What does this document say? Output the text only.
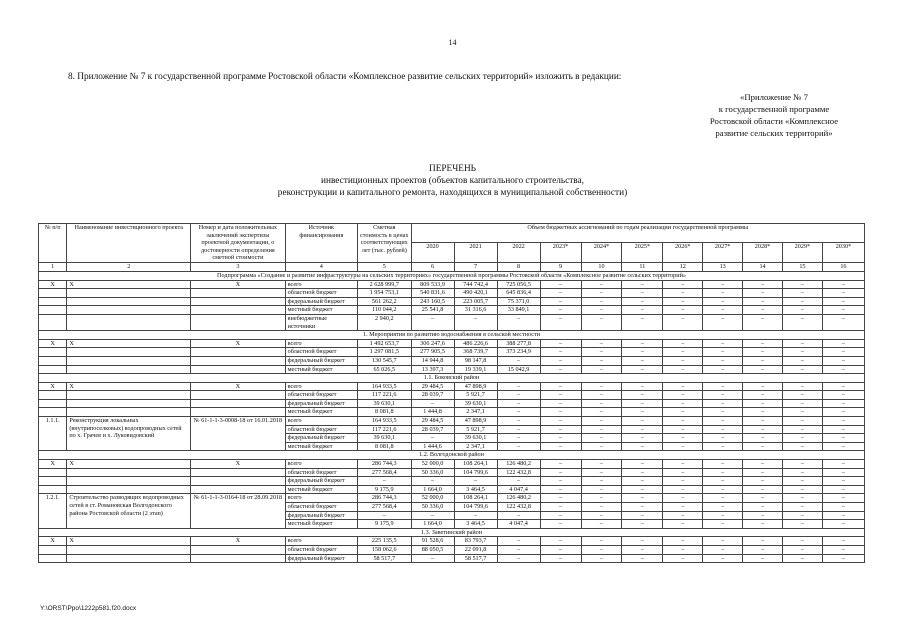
14
8. Приложение № 7 к государственной программе Ростовской области «Комплексное развитие сельских территорий» изложить в редакции:
«Приложение № 7
к государственной программе
Ростовской области «Комплексное
развитие сельских территорий»
ПЕРЕЧЕНЬ
инвестиционных проектов (объектов капитального строительства,
реконструкции и капитального ремонта, находящихся в муниципальной собственности)
№ п/п	Наименование инвестиционного проекта	Номер и дата положительных заключений экспертизы проектной документации, о достоверности определения сметной стоимости	Источник финансирования	Сметная стоимость в ценах соответствующих лет (тыс. рублей)	Объем бюджетных ассигнований по годам реализации государственной программы										
					2020	2021	2022	2023*	2024*	2025*	2026*	2027*	2028*	2029*	2030*
1	2	3	4	5	6	7	8	9	10	11	12	13	14	15	16
Подпрограмма «Создание и развитие инфраструктуры на сельских территориях» государственной программы Ростовской области «Комплексное развитие сельских территорий»															
X	X	X	всего	2 628 999,7	809 533,9	744 742,4	725 056,5	–	–	–	–	–	–	–	–
			областной бюджет	1 954 753,1	540 831,6	490 420,1	645 836,4	–	–	–	–	–	–	–	–
			федеральный бюджет	561 262,2	243 160,5	223 005,7	75 371,0	–	–	–	–	–	–	–	–
			местный бюджет	110 044,2	25 541,8	31 316,6	33 849,1	–	–	–	–	–	–	–	–
			внебюджетные источники	2 940,2	–	–	–	–	–	–	–	–	–	–	–
1. Мероприятия по развитию водоснабжения в сельской местности															
X	X	X	всего	1 492 653,7	306 247,6	486 226,6	388 277,8	–	–	–	–	–	–	–	–
			областной бюджет	1 297 081,5	277 905,5	368 739,7	373 234,9	–	–	–	–	–	–	–	–
			федеральный бюджет	130 545,7	14 944,8	98 147,8	–	–	–	–	–	–	–	–	–
			местный бюджет	65 026,5	13 397,3	19 339,1	15 042,9	–	–	–	–	–	–	–	–
1.1. Боковский район															
X	X	X	всего	164 933,5	29 484,5	47 898,9	–	–	–	–	–	–	–	–	–
			областной бюджет	117 221,6	28 039,7	5 921,7	–	–	–	–	–	–	–	–	–
			федеральный бюджет	39 630,1	–	39 630,1	–	–	–	–	–	–	–	–	–
			местный бюджет	8 081,8	1 444,8	2 347,1	–	–	–	–	–	–	–	–	–
1.1.1.	Реконструкция локальных (внутрипоселковых) водопроводных сетей по х. Грачев и х. Луковидовский	№ 61-1-1-3-0008-18 от 16.01.2018	всего	164 933,5	29 484,5	47 898,9	–	–	–	–	–	–	–	–	–
			областной бюджет	117 221,6	28 039,7	5 921,7	–	–	–	–	–	–	–	–	–
			федеральный бюджет	39 630,1	–	39 630,1	–	–	–	–	–	–	–	–	–
			местный бюджет	8 081,8	1 444,6	2 347,1	–	–	–	–	–	–	–	–	–
1.2. Волгодонской район															
X	X	X	всего	286 744,3	52 000,0	108 264,1	126 480,2	–	–	–	–	–	–	–	–
			областной бюджет	277 568,4	50 336,0	104 799,6	122 432,8	–	–	–	–	–	–	–	–
			федеральный бюджет	–	–	–	–	–	–	–	–	–	–	–	–
			местный бюджет	9 175,9	1 664,0	3 464,5	4 047,4	–	–	–	–	–	–	–	–
1.2.1.	Строительство разводящих водопроводных сетей в ст. Романовская Волгодонского района Ростовской области (2 этап)	№ 61-1-1-3-0164-18 от 28.09.2018	всего	286 744,3	52 000,0	108 264,1	126 480,2	–	–	–	–	–	–	–	–
			областной бюджет	277 568,4	50 336,0	104 799,6	122 432,8	–	–	–	–	–	–	–	–
			федеральный бюджет	–	–	–	–	–	–	–	–	–	–	–	–
			местный бюджет	9 175,9	1 664,0	3 464,5	4 047,4	–	–	–	–	–	–	–	–
1.3. Заветинский район															
X	X	X	всего	225 135,5	91 528,6	83 793,7	–	–	–	–	–	–	–	–	–
			областной бюджет	158 062,6	88 050,5	22 091,8	–	–	–	–	–	–	–	–	–
			федеральный бюджет	58 517,7	–	58 517,7	–	–	–	–	–	–	–	–	–
Y:\ORST\Ppo\1222p581.f20.docx
